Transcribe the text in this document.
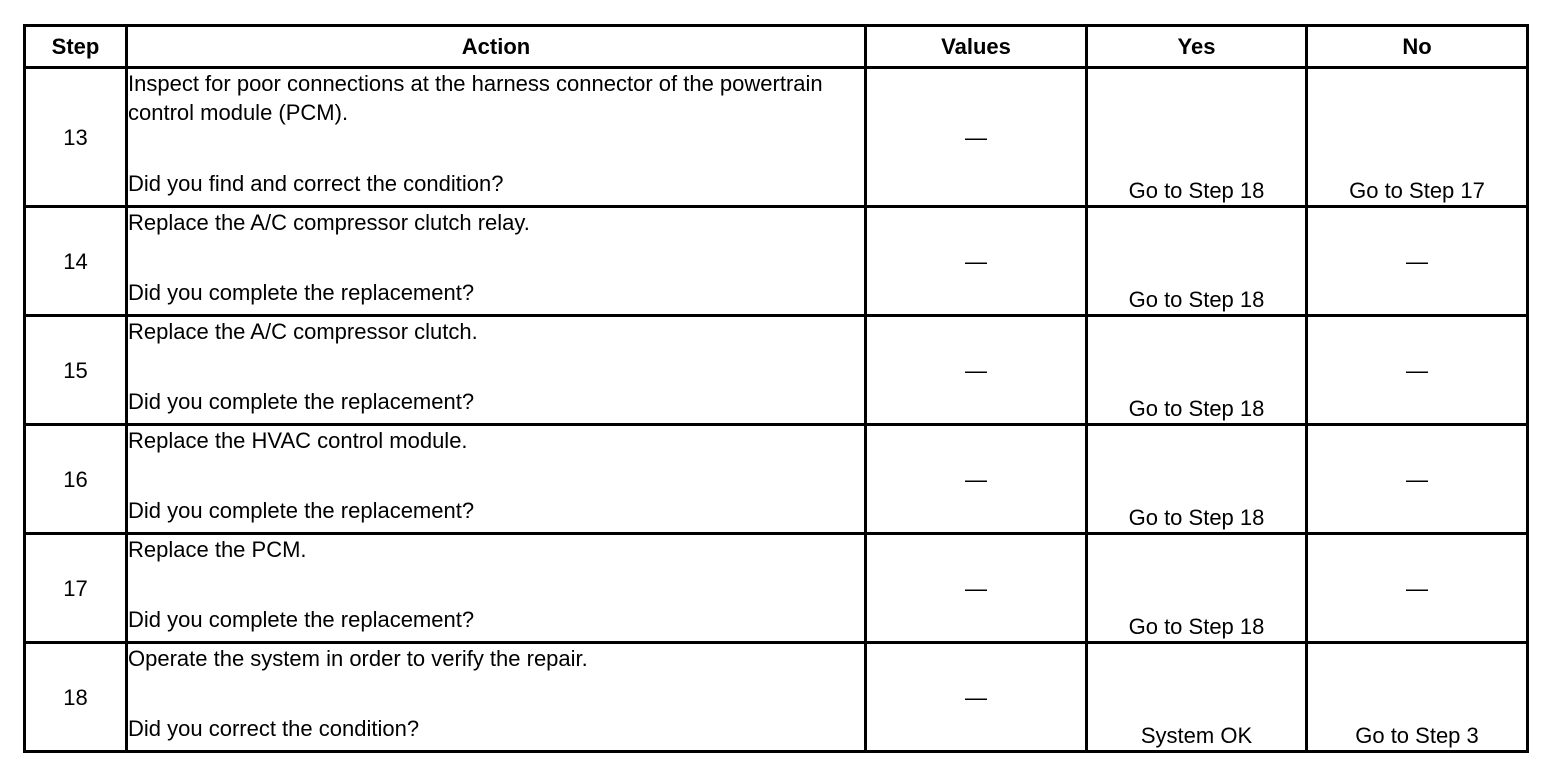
Step	Action	Values	Yes	No
13	Inspect for poor connections at the harness connector of the powertrain control module (PCM).
Did you find and correct the condition?	—	Go to Step 18	Go to Step 17
14	Replace the A/C compressor clutch relay.
Did you complete the replacement?	—	Go to Step 18	—
15	Replace the A/C compressor clutch.
Did you complete the replacement?	—	Go to Step 18	—
16	Replace the HVAC control module.
Did you complete the replacement?	—	Go to Step 18	—
17	Replace the PCM.
Did you complete the replacement?	—	Go to Step 18	—
18	Operate the system in order to verify the repair.
Did you correct the condition?	—	System OK	Go to Step 3
